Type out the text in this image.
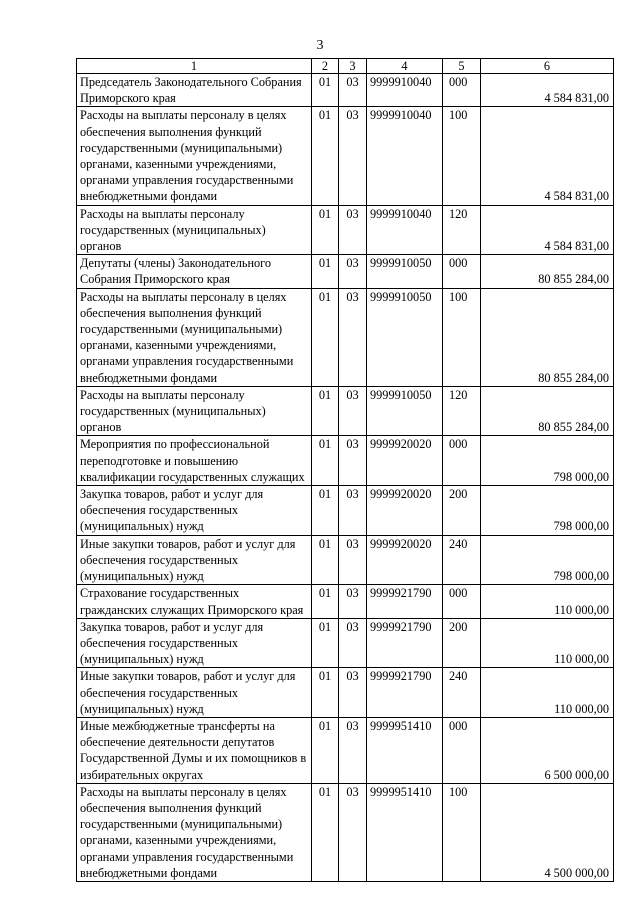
3
1	2	3	4	5	6
Председатель Законодательного Собрания Приморского края	01	03	9999910040	000	4 584 831,00
Расходы на выплаты персоналу в целях обеспечения выполнения функций государственными (муниципальными) органами, казенными учреждениями, органами управления государственными внебюджетными фондами	01	03	9999910040	100	4 584 831,00
Расходы на выплаты персоналу государственных (муниципальных) органов	01	03	9999910040	120	4 584 831,00
Депутаты (члены) Законодательного Собрания Приморского края	01	03	9999910050	000	80 855 284,00
Расходы на выплаты персоналу в целях обеспечения выполнения функций государственными (муниципальными) органами, казенными учреждениями, органами управления государственными внебюджетными фондами	01	03	9999910050	100	80 855 284,00
Расходы на выплаты персоналу государственных (муниципальных) органов	01	03	9999910050	120	80 855 284,00
Мероприятия по профессиональной переподготовке и повышению квалификации государственных служащих	01	03	9999920020	000	798 000,00
Закупка товаров, работ и услуг для обеспечения государственных (муниципальных) нужд	01	03	9999920020	200	798 000,00
Иные закупки товаров, работ и услуг для обеспечения государственных (муниципальных) нужд	01	03	9999920020	240	798 000,00
Страхование государственных гражданских служащих Приморского края	01	03	9999921790	000	110 000,00
Закупка товаров, работ и услуг для обеспечения государственных (муниципальных) нужд	01	03	9999921790	200	110 000,00
Иные закупки товаров, работ и услуг для обеспечения государственных (муниципальных) нужд	01	03	9999921790	240	110 000,00
Иные межбюджетные трансферты на обеспечение деятельности депутатов Государственной Думы и их помощников в избирательных округах	01	03	9999951410	000	6 500 000,00
Расходы на выплаты персоналу в целях обеспечения выполнения функций государственными (муниципальными) органами, казенными учреждениями, органами управления государственными внебюджетными фондами	01	03	9999951410	100	4 500 000,00
